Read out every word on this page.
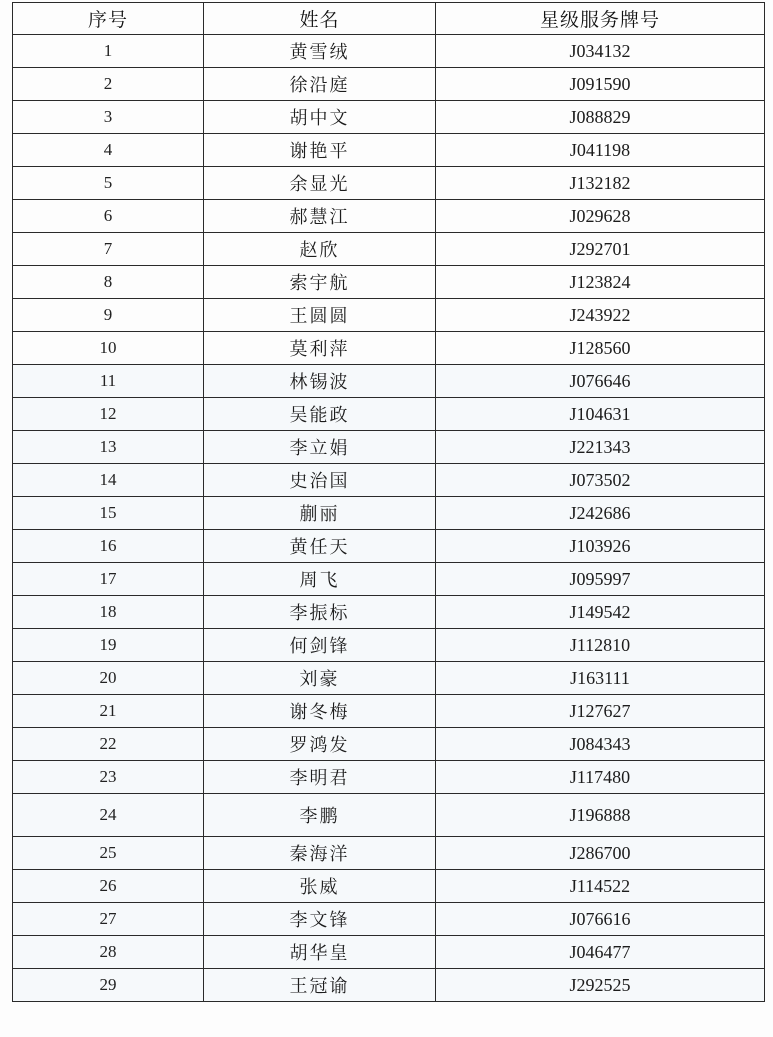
序号	姓名	星级服务牌号
1	黄雪绒	J034132
2	徐沿庭	J091590
3	胡中文	J088829
4	谢艳平	J041198
5	余显光	J132182
6	郝慧江	J029628
7	赵欣	J292701
8	索宇航	J123824
9	王圆圆	J243922
10	莫利萍	J128560
11	林锡波	J076646
12	吴能政	J104631
13	李立娟	J221343
14	史治国	J073502
15	蒯丽	J242686
16	黄任天	J103926
17	周飞	J095997
18	李振标	J149542
19	何剑锋	J112810
20	刘豪	J163111
21	谢冬梅	J127627
22	罗鸿发	J084343
23	李明君	J117480
24	李鹏	J196888
25	秦海洋	J286700
26	张威	J114522
27	李文锋	J076616
28	胡华皇	J046477
29	王冠谕	J292525
